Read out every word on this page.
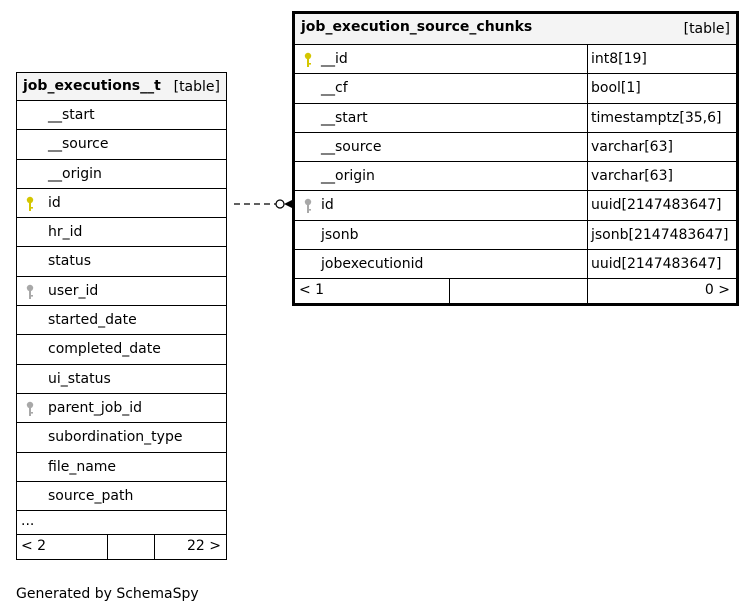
job_executions__t [table]
__start
__source
__origin
id
hr_id
status
user_id
started_date
completed_date
ui_status
parent_job_id
subordination_type
file_name
source_path
...
< 2	22 >
job_execution_source_chunks	[table]
__id	int8[19]
__cf	bool[1]
__start	timestamptz[35,6]
__source	varchar[63]
__origin	varchar[63]
id	uuid[2147483647]
jsonb	jsonb[2147483647]
jobexecutionid	uuid[2147483647]
< 1	0 >
Generated by SchemaSpy
